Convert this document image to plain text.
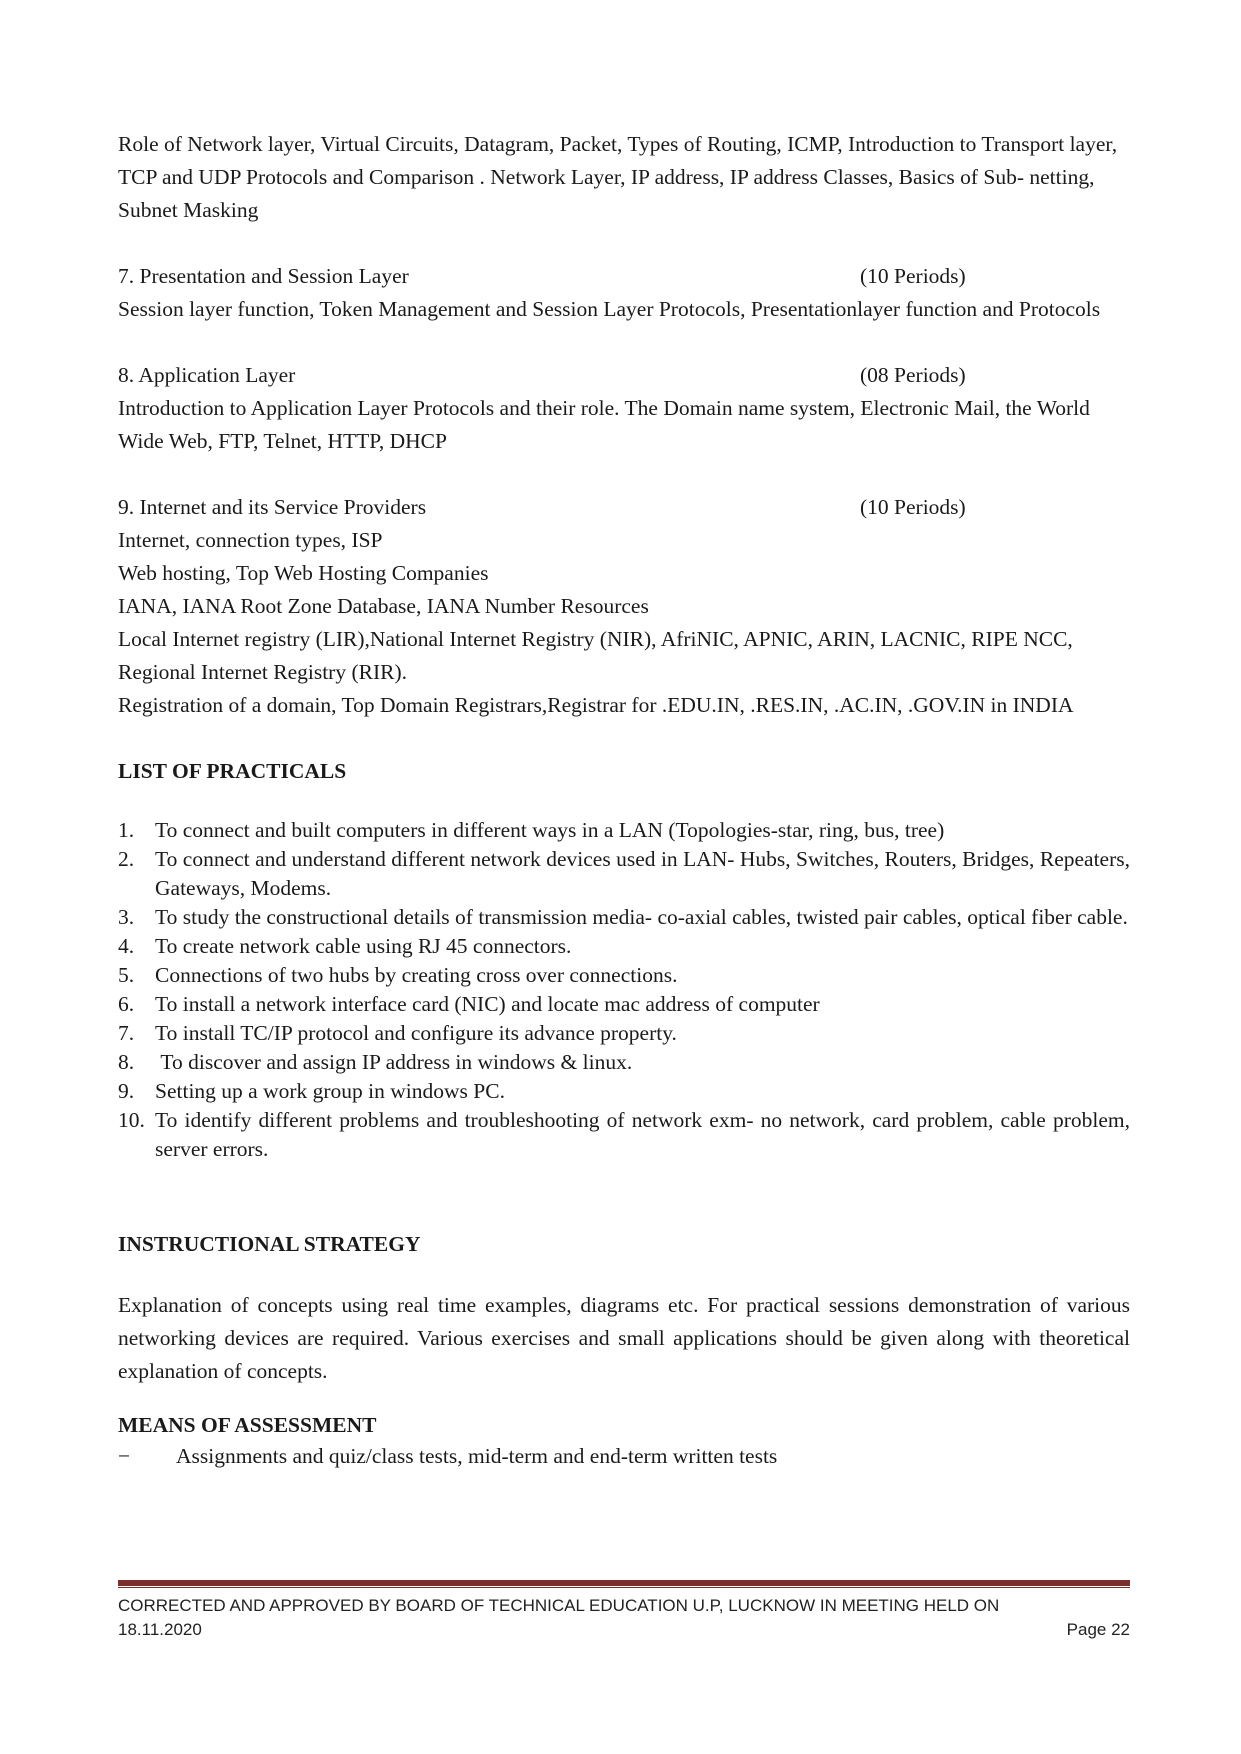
Role of Network layer, Virtual Circuits, Datagram, Packet, Types of Routing, ICMP, Introduction to Transport layer, TCP and UDP Protocols and Comparison . Network Layer, IP address, IP address Classes, Basics of Sub- netting, Subnet Masking

7. Presentation and Session Layer	(10 Periods)

Session layer function, Token Management and Session Layer Protocols, Presentationlayer function and Protocols

8. Application Layer	(08 Periods)

Introduction to Application Layer Protocols and their role. The Domain name system, Electronic Mail, the World Wide Web, FTP, Telnet, HTTP, DHCP

9. Internet and its Service Providers	(10 Periods)

Internet, connection types, ISP

Web hosting, Top Web Hosting Companies

IANA, IANA Root Zone Database, IANA Number Resources

Local Internet registry (LIR),National Internet Registry (NIR), AfriNIC, APNIC, ARIN, LACNIC, RIPE NCC, Regional Internet Registry (RIR).

Registration of a domain, Top Domain Registrars,Registrar for .EDU.IN, .RES.IN, .AC.IN, .GOV.IN in INDIA

LIST OF PRACTICALS
1. To connect and built computers in different ways in a LAN (Topologies-star, ring, bus, tree)
2. To connect and understand different network devices used in LAN- Hubs, Switches, Routers, Bridges, Repeaters, Gateways, Modems.
3. To study the constructional details of transmission media- co-axial cables, twisted pair cables, optical fiber cable.
4. To create network cable using RJ 45 connectors.
5. Connections of two hubs by creating cross over connections.
6. To install a network interface card (NIC) and locate mac address of computer
7. To install TC/IP protocol and configure its advance property.
8. To discover and assign IP address in windows & linux.
9. Setting up a work group in windows PC.
10. To identify different problems and troubleshooting of network exm- no network, card problem, cable problem, server errors.
INSTRUCTIONAL STRATEGY

Explanation of concepts using real time examples, diagrams etc. For practical sessions demonstration of various networking devices are required. Various exercises and small applications should be given along with theoretical explanation of concepts.

MEANS OF ASSESSMENT
−	Assignments and quiz/class tests, mid-term and end-term written tests
CORRECTED AND APPROVED BY BOARD OF TECHNICAL EDUCATION U.P, LUCKNOW IN MEETING HELD ON
18.11.2020	Page 22
